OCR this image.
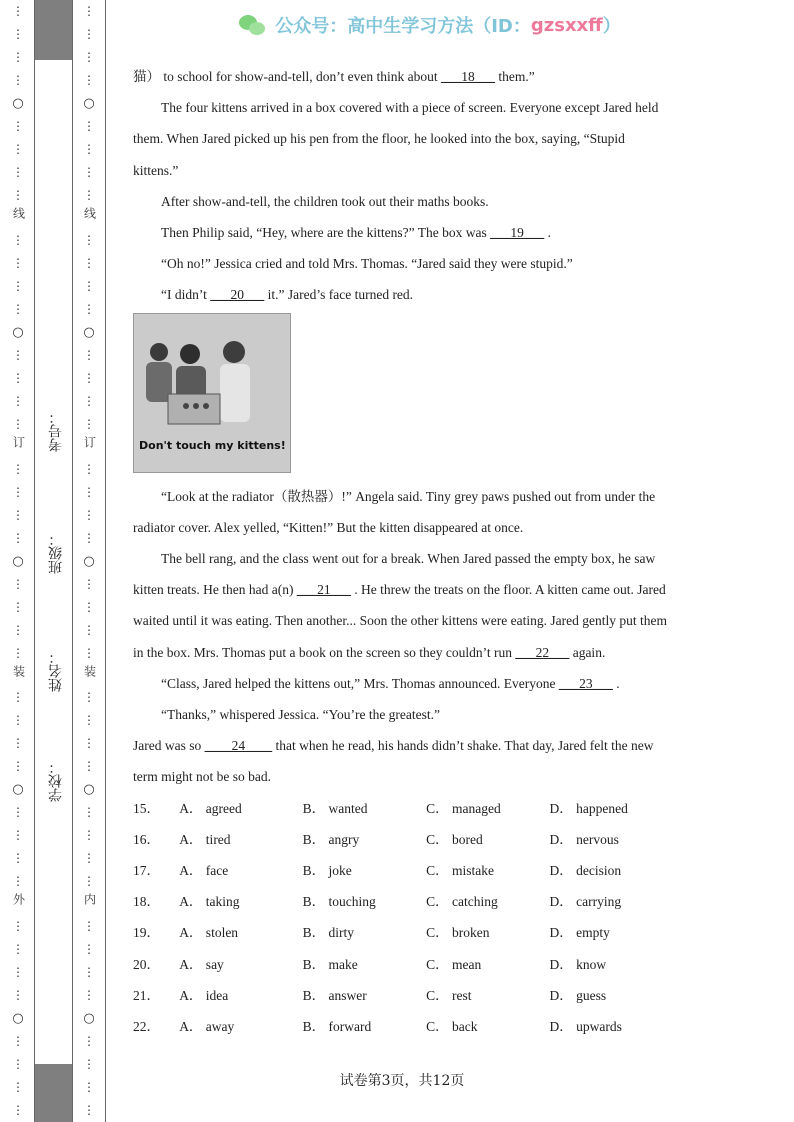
⋮
⋮
⋮
⋮
○
⋮
⋮
⋮
⋮
线
⋮
⋮
⋮
⋮
○
⋮
⋮
⋮
⋮
订
⋮
⋮
⋮
⋮
○
⋮
⋮
⋮
⋮
装
⋮
⋮
⋮
⋮
○
⋮
⋮
⋮
⋮
外
⋮
⋮
⋮
⋮
○
⋮
⋮
⋮
⋮
⋮
⋮
⋮
⋮
○
⋮
⋮
⋮
⋮
线
⋮
⋮
⋮
⋮
○
⋮
⋮
⋮
⋮
订
⋮
⋮
⋮
⋮
○
⋮
⋮
⋮
⋮
装
⋮
⋮
⋮
⋮
○
⋮
⋮
⋮
⋮
内
⋮
⋮
⋮
⋮
○
⋮
⋮
⋮
⋮
考号：
班级：
姓名：
学校：
公众号：高中生学习方法（ID： gzsxxff ）

猫） to school for show-and-tell, don’t even think about ___18___ them.”

The four kittens arrived in a box covered with a piece of screen. Everyone except Jared held them. When Jared picked up his pen from the floor, he looked into the box, saying, “Stupid kittens.”

After show-and-tell, the children took out their maths books.

Then Philip said, “Hey, where are the kittens?” The box was ___19___ .

“Oh no!” Jessica cried and told Mrs. Thomas. “Jared said they were stupid.”

“I didn’t ___20___ it.” Jared’s face turned red.

Don't touch my kittens!

“Look at the radiator（散热器）!” Angela said. Tiny grey paws pushed out from under the radiator cover. Alex yelled, “Kitten!” But the kitten disappeared at once.

The bell rang, and the class went out for a break. When Jared passed the empty box, he saw kitten treats. He then had a(n) ___21___ . He threw the treats on the floor. A kitten came out. Jared waited until it was eating. Then another... Soon the other kittens were eating. Jared gently put them in the box. Mrs. Thomas put a book on the screen so they couldn’t run ___22___ again.

“Class, Jared helped the kittens out,” Mrs. Thomas announced. Everyone ___23___ .

“Thanks,” whispered Jessica. “You’re the greatest.”

Jared was so ____24____ that when he read, his hands didn’t shake. That day, Jared felt the new term might not be so bad.

15．	A． agreed	B． wanted	C． managed	D． happened
16．	A． tired	B． angry	C． bored	D． nervous
17．	A． face	B． joke	C． mistake	D． decision
18．	A． taking	B． touching	C． catching	D． carrying
19．	A． stolen	B． dirty	C． broken	D． empty
20．	A． say	B． make	C． mean	D． know
21．	A． idea	B． answer	C． rest	D． guess
22．	A． away	B． forward	C． back	D． upwards
试卷第3页，共12页
